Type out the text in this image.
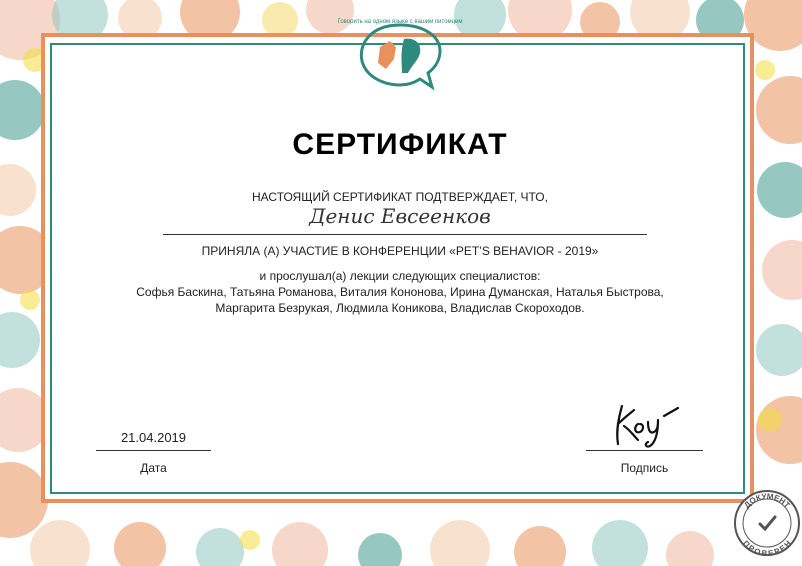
Говорить на одном языке с вашим питомцем
СЕРТИФИКАТ
НАСТОЯЩИЙ СЕРТИФИКАТ ПОДТВЕРЖДАЕТ, ЧТО,
Денис Евсеенков
ПРИНЯЛА (А) УЧАСТИЕ В КОНФЕРЕНЦИИ «PET’S BEHAVIOR - 2019»
и прослушал(а) лекции следующих специалистов:
Софья Баскина, Татьяна Романова, Виталия Кононова, Ирина Думанская, Наталья Быстрова,
Маргарита Безрукая, Людмила Коникова, Владислав Скороходов.
21.04.2019
Дата	Подпись
ДОКУМЕНТ
ПРОВЕРЕН
